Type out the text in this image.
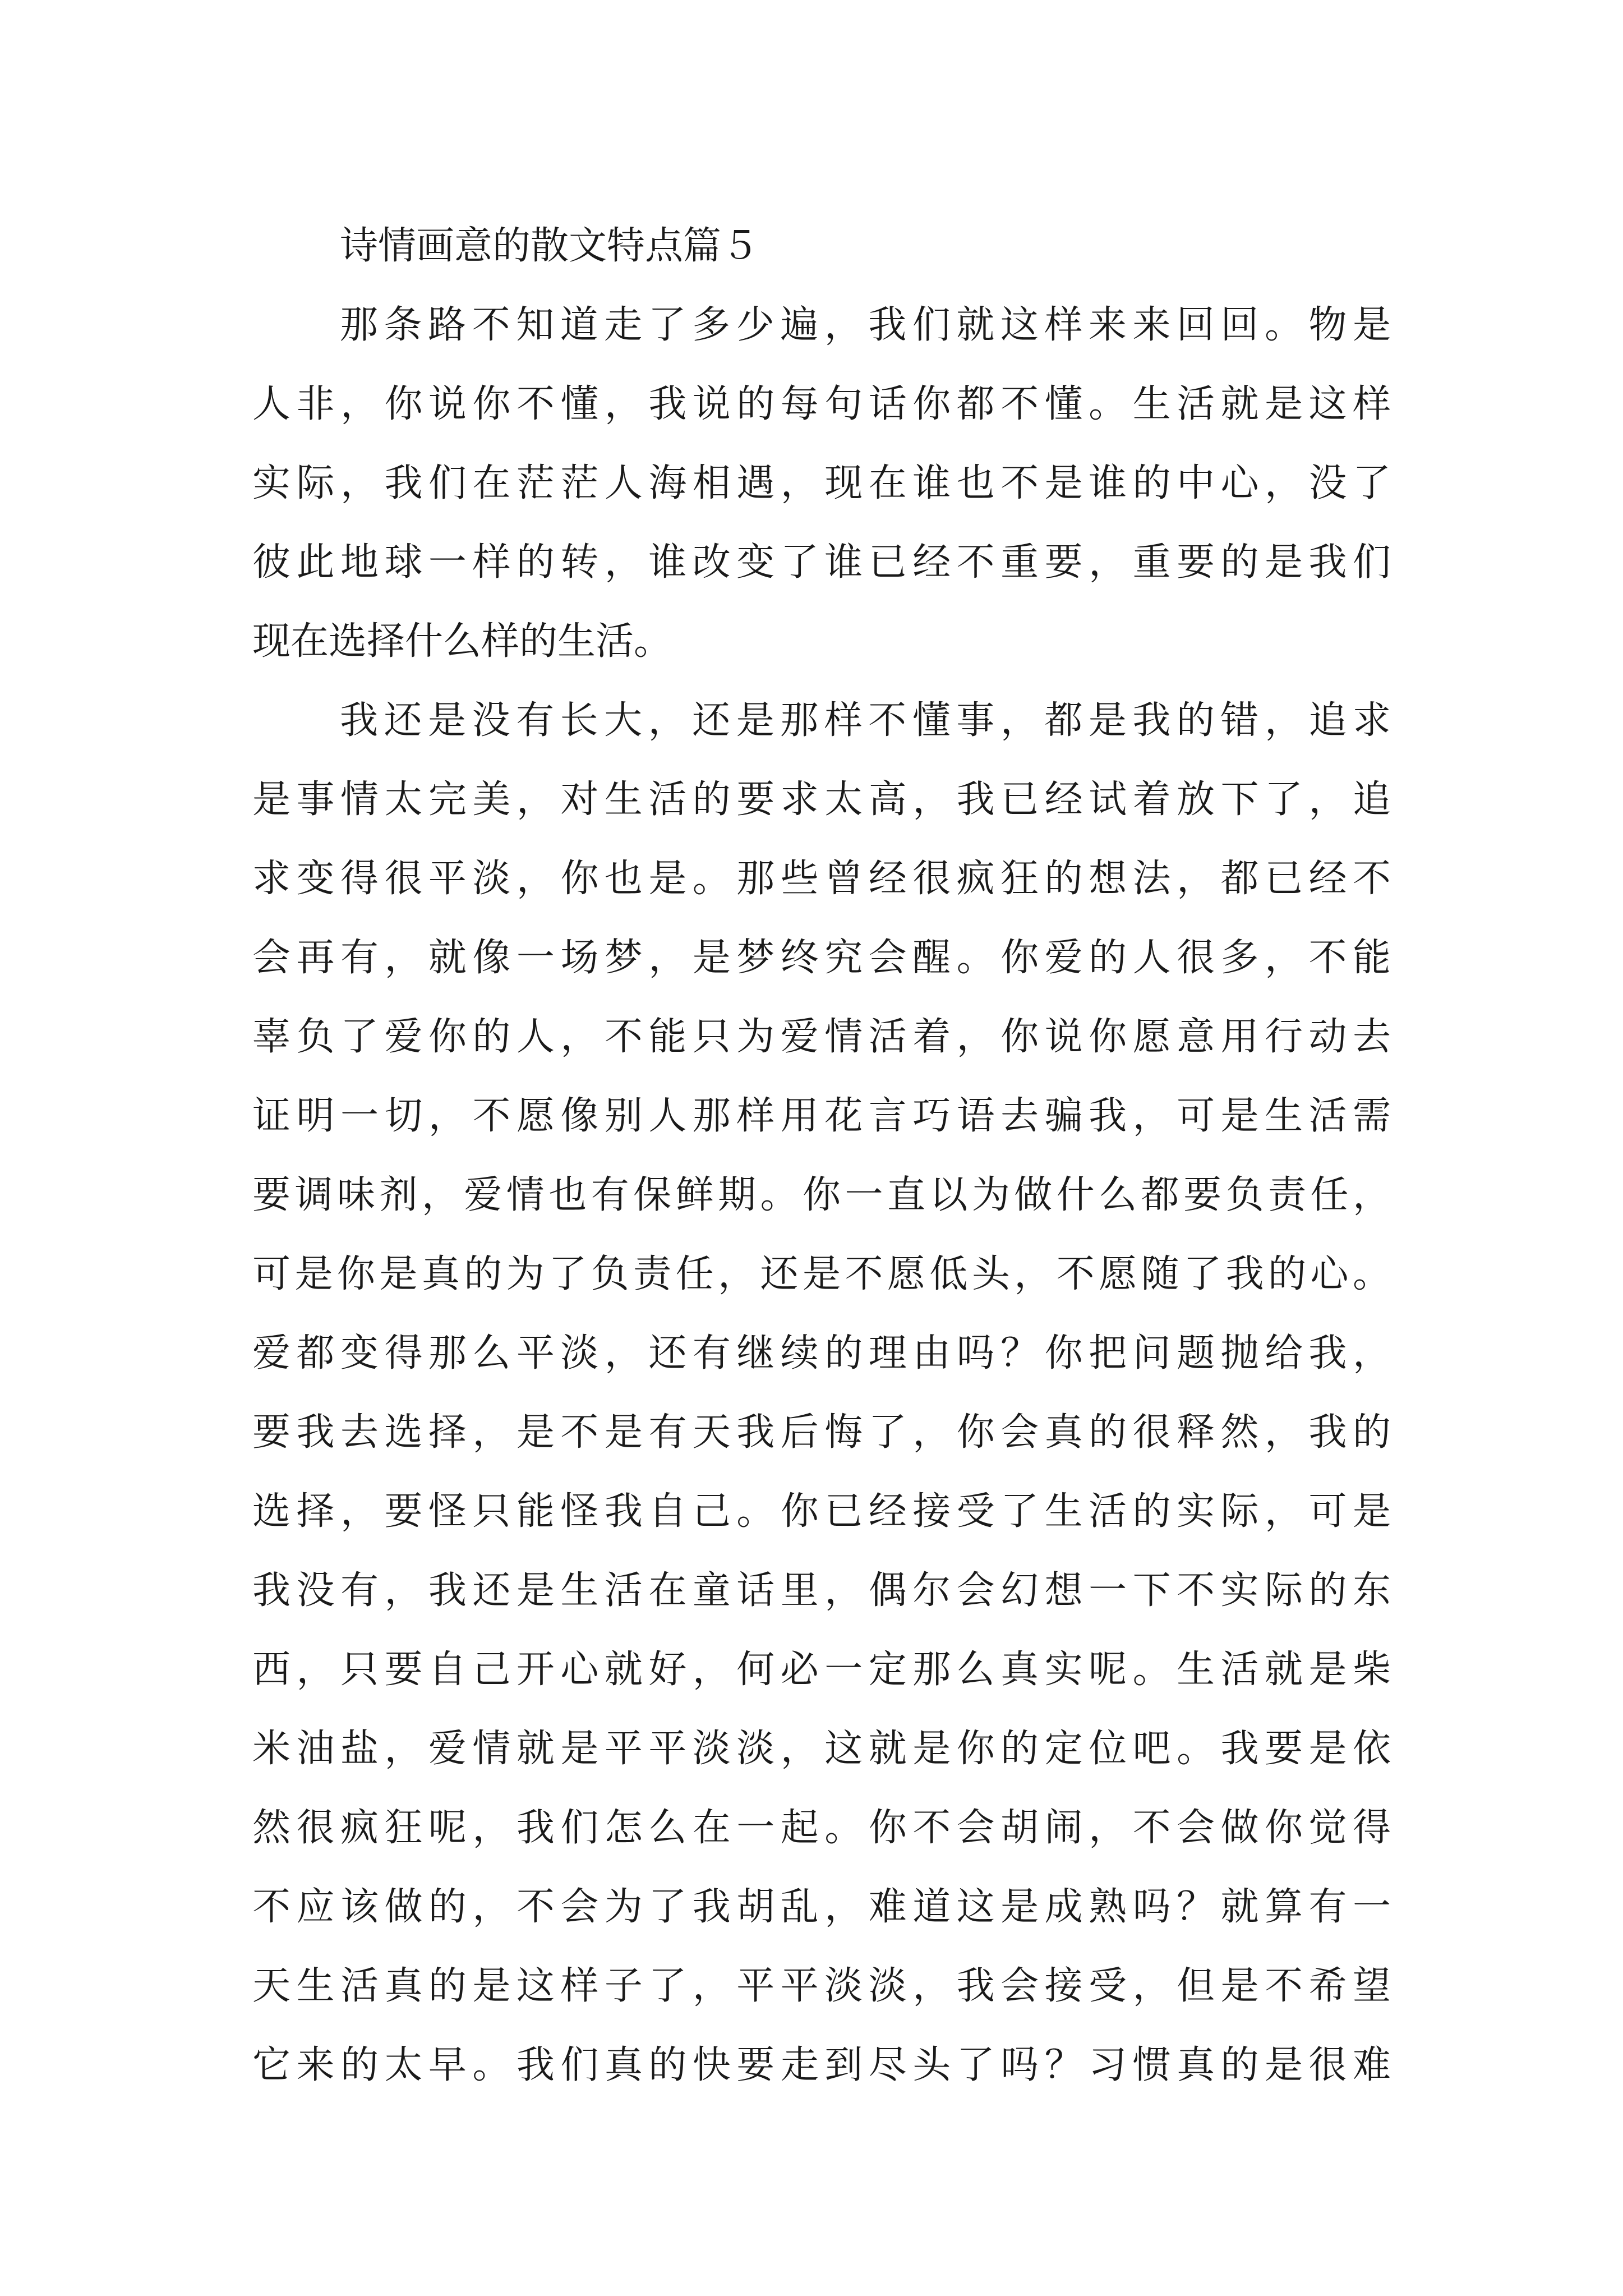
诗情画意的散文特点篇５
那条路不知道走了多少遍，我们就这样来来回回。物是
人非，你说你不懂，我说的每句话你都不懂。生活就是这样
实际，我们在茫茫人海相遇，现在谁也不是谁的中心，没了
彼此地球一样的转，谁改变了谁已经不重要，重要的是我们
现在选择什么样的生活。
我还是没有长大，还是那样不懂事，都是我的错，追求
是事情太完美，对生活的要求太高，我已经试着放下了，追
求变得很平淡，你也是。那些曾经很疯狂的想法，都已经不
会再有，就像一场梦，是梦终究会醒。你爱的人很多，不能
辜负了爱你的人，不能只为爱情活着，你说你愿意用行动去
证明一切，不愿像别人那样用花言巧语去骗我，可是生活需
要调味剂，爱情也有保鲜期。你一直以为做什么都要负责任，
可是你是真的为了负责任，还是不愿低头，不愿随了我的心。
爱都变得那么平淡，还有继续的理由吗？你把问题抛给我，
要我去选择，是不是有天我后悔了，你会真的很释然，我的
选择，要怪只能怪我自己。你已经接受了生活的实际，可是
我没有，我还是生活在童话里，偶尔会幻想一下不实际的东
西，只要自己开心就好，何必一定那么真实呢。生活就是柴
米油盐，爱情就是平平淡淡，这就是你的定位吧。我要是依
然很疯狂呢，我们怎么在一起。你不会胡闹，不会做你觉得
不应该做的，不会为了我胡乱，难道这是成熟吗？就算有一
天生活真的是这样子了，平平淡淡，我会接受，但是不希望
它来的太早。我们真的快要走到尽头了吗？习惯真的是很难
